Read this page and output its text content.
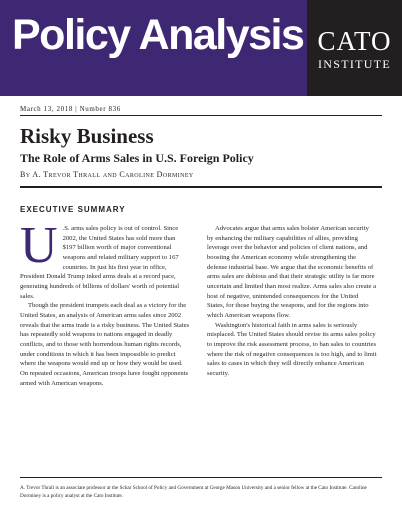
Policy Analysis CATO
INSTITUTE
March 13, 2018 | Number 836
Risky Business
The Role of Arms Sales in U.S. Foreign Policy
By A. Trevor Thrall and Caroline Dorminey
EXECUTIVE SUMMARY

U .S. arms sales policy is out of control. Since 2002, the United States has sold more than $197 billion worth of major conventional weapons and related military support to 167 countries. In just his first year in office, President Donald Trump inked arms deals at a record pace, generating hundreds of billions of dollars' worth of potential sales.

Though the president trumpets each deal as a victory for the United States, an analysis of American arms sales since 2002 reveals that the arms trade is a risky business. The United States has repeatedly sold weapons to nations engaged in deadly conflicts, and to those with horrendous human rights records, under conditions in which it has been impossible to predict where the weapons would end up or how they would be used. On repeated occasions, American troops have fought opponents armed with American weapons.

Advocates argue that arms sales bolster American security by enhancing the military capabilities of allies, providing leverage over the behavior and policies of client nations, and boosting the American economy while strengthening the defense industrial base. We argue that the economic benefits of arms sales are dubious and that their strategic utility is far more uncertain and limited than most realize. Arms sales also create a host of negative, unintended consequences for the United States, for those buying the weapons, and for the regions into which American weapons flow.

Washington's historical faith in arms sales is seriously misplaced. The United States should revise its arms sales policy to improve the risk assessment process, to ban sales to countries where the risk of negative consequences is too high, and to limit sales to cases in which they will directly enhance American security.

A. Trevor Thrall is an associate professor at the Schar School of Policy and Government at George Mason University and a senior fellow at the Cato Institute. Caroline Dorminey is a policy analyst at the Cato Institute.
